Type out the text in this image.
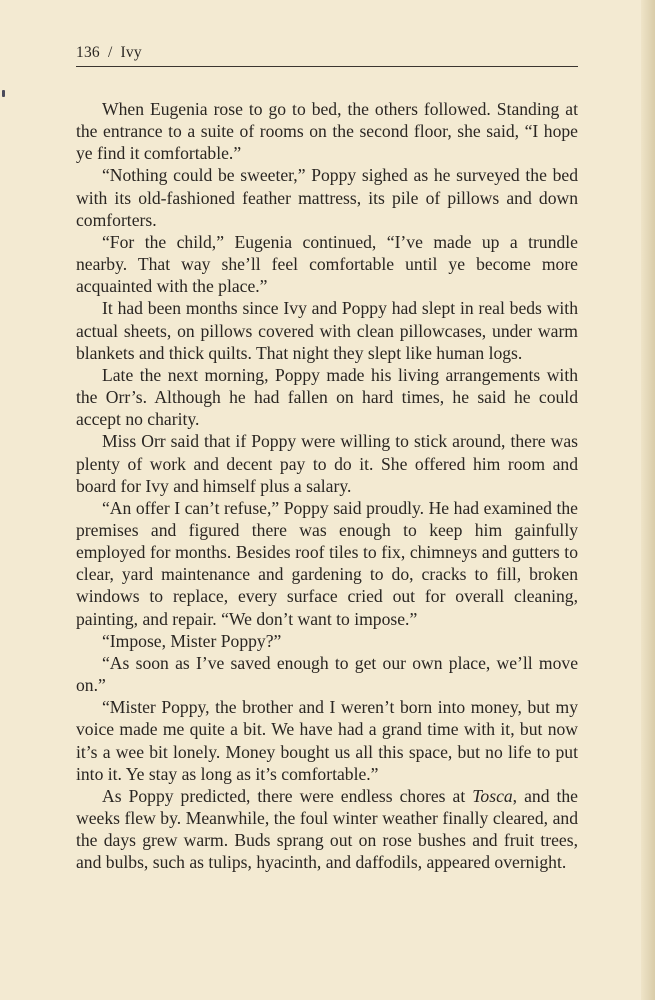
136 / Ivy

When Eugenia rose to go to bed, the others followed. Standing at the entrance to a suite of rooms on the second floor, she said, “I hope ye find it comfortable.”

“Nothing could be sweeter,” Poppy sighed as he surveyed the bed with its old-fashioned feather mattress, its pile of pillows and down comforters.

“For the child,” Eugenia continued, “I’ve made up a trundle nearby. That way she’ll feel comfortable until ye become more acquainted with the place.”

It had been months since Ivy and Poppy had slept in real beds with actual sheets, on pillows covered with clean pillowcases, under warm blankets and thick quilts. That night they slept like human logs.

Late the next morning, Poppy made his living arrangements with the Orr’s. Although he had fallen on hard times, he said he could accept no charity.

Miss Orr said that if Poppy were willing to stick around, there was plenty of work and decent pay to do it. She offered him room and board for Ivy and himself plus a salary.

“An offer I can’t refuse,” Poppy said proudly. He had examined the premises and figured there was enough to keep him gainfully employed for months. Besides roof tiles to fix, chimneys and gutters to clear, yard maintenance and gardening to do, cracks to fill, broken windows to replace, every surface cried out for overall cleaning, painting, and repair. “We don’t want to impose.”

“Impose, Mister Poppy?”

“As soon as I’ve saved enough to get our own place, we’ll move on.”

“Mister Poppy, the brother and I weren’t born into money, but my voice made me quite a bit. We have had a grand time with it, but now it’s a wee bit lonely. Money bought us all this space, but no life to put into it. Ye stay as long as it’s comfortable.”

As Poppy predicted, there were endless chores at Tosca, and the weeks flew by. Meanwhile, the foul winter weather finally cleared, and the days grew warm. Buds sprang out on rose bushes and fruit trees, and bulbs, such as tulips, hyacinth, and daffodils, appeared overnight.
